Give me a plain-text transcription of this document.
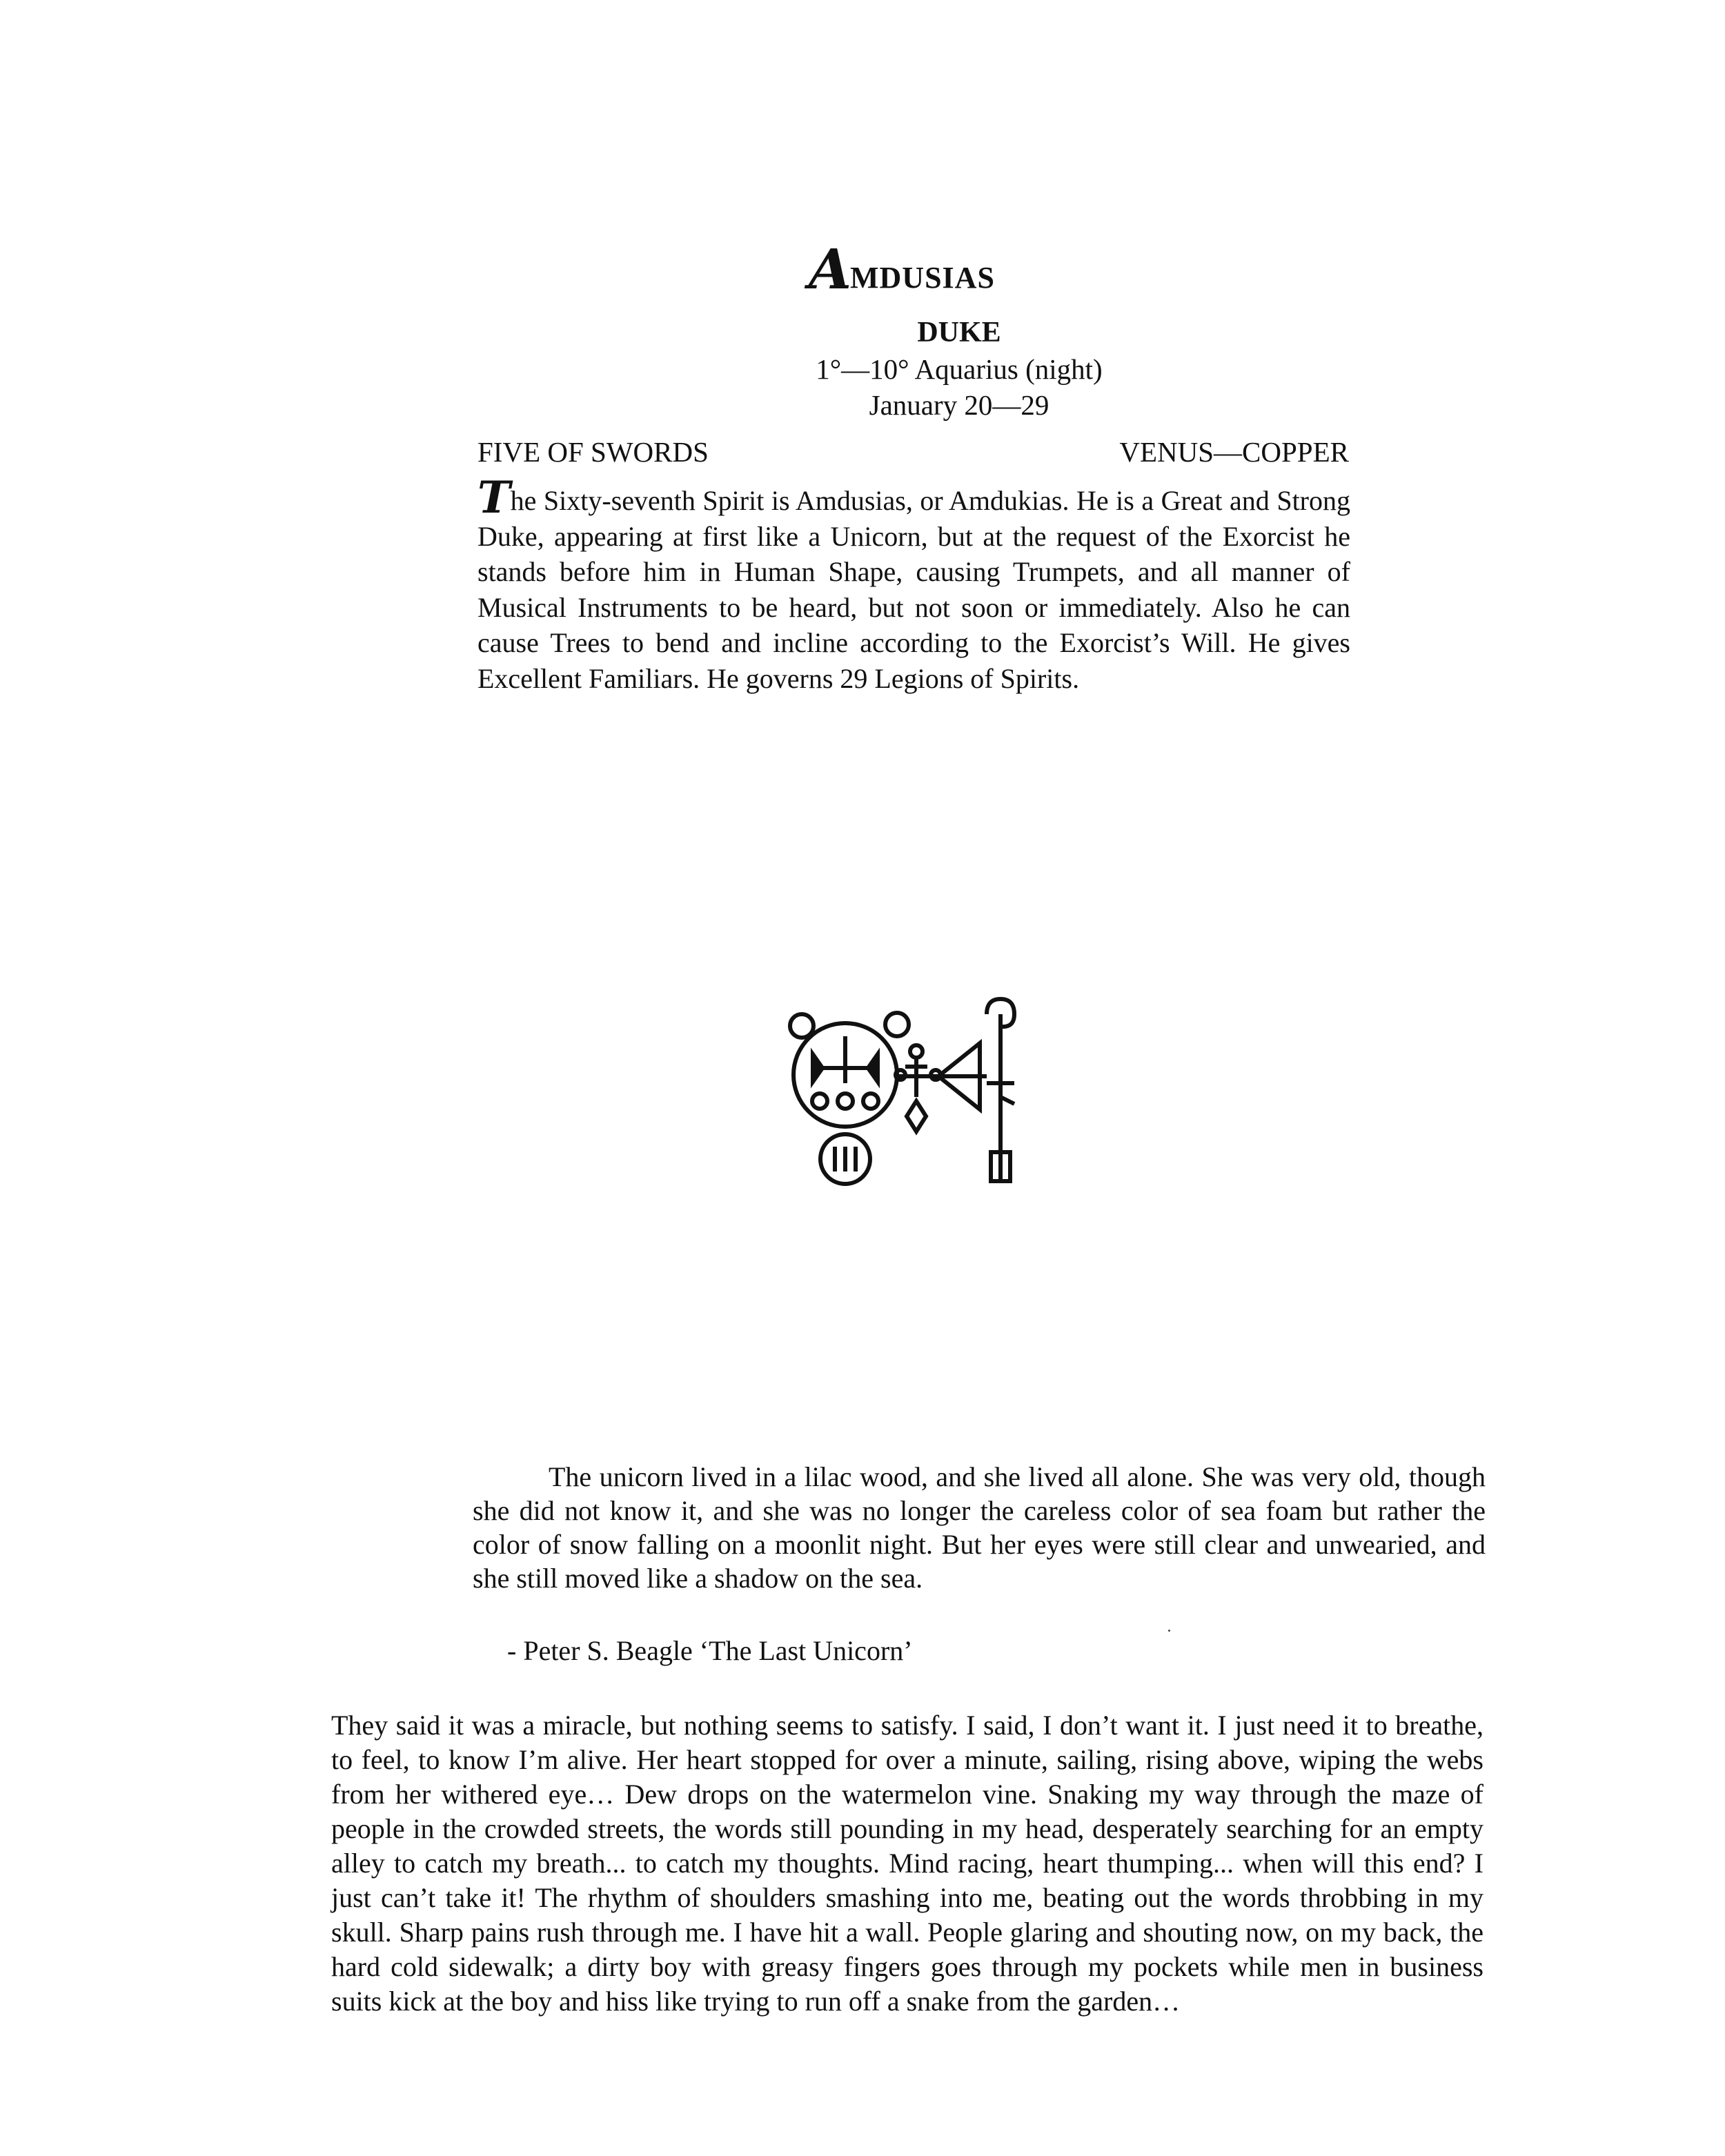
A
MDUSIAS
DUKE
1°—10° Aquarius (night)
January 20—29
FIVE OF SWORDS	VENUS—COPPER

The Sixty-seventh Spirit is Amdusias, or Amdukias. He is a Great and Strong Duke, appearing at first like a Unicorn, but at the request of the Exorcist he stands before him in Human Shape, causing Trumpets, and all manner of Musical Instruments to be heard, but not soon or immediately. Also he can cause Trees to bend and incline according to the Exorcist’s Will. He gives Excellent Familiars. He governs 29 Legions of Spirits.

The unicorn lived in a lilac wood, and she lived all alone. She was very old, though she did not know it, and she was no longer the careless color of sea foam but rather the color of snow falling on a moonlit night. But her eyes were still clear and unwearied, and she still moved like a shadow on the sea.

- Peter S. Beagle ‘The Last Unicorn’

They said it was a miracle, but nothing seems to satisfy. I said, I don’t want it. I just need it to breathe, to feel, to know I’m alive. Her heart stopped for over a minute, sailing, rising above, wiping the webs from her withered eye… Dew drops on the watermelon vine. Snaking my way through the maze of people in the crowded streets, the words still pounding in my head, desperately searching for an empty alley to catch my breath... to catch my thoughts. Mind racing, heart thumping... when will this end? I just can’t take it! The rhythm of shoulders smashing into me, beating out the words throbbing in my skull. Sharp pains rush through me. I have hit a wall. People glaring and shouting now, on my back, the hard cold sidewalk; a dirty boy with greasy fingers goes through my pockets while men in business suits kick at the boy and hiss like trying to run off a snake from the garden…
